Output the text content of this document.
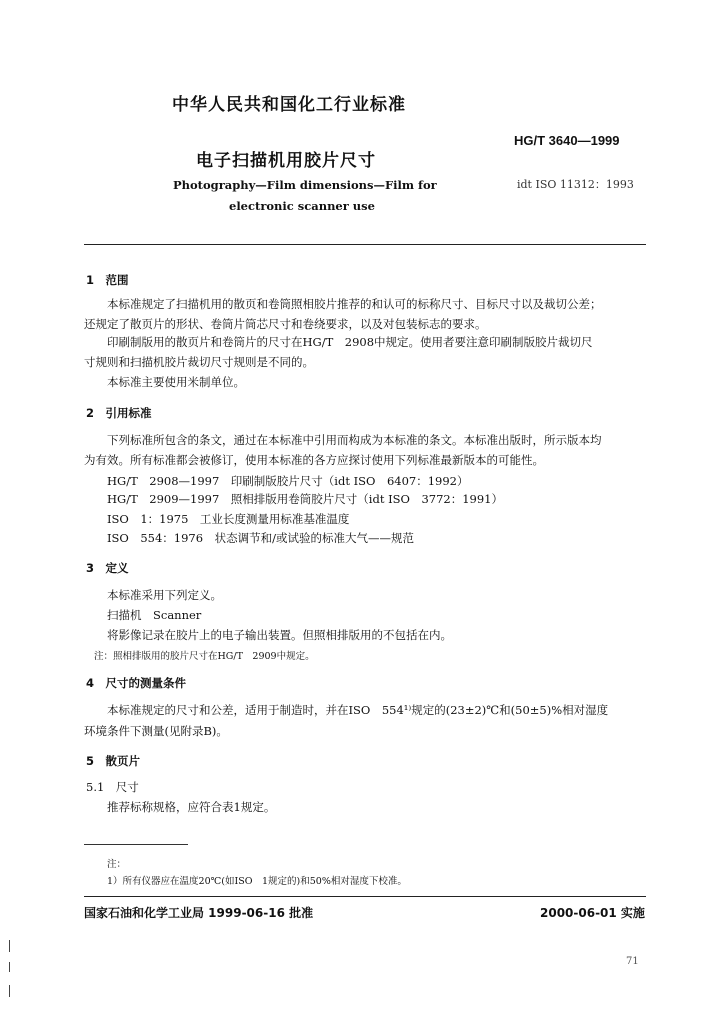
中华人民共和国化工行业标准
HG/T 3640—1999
电子扫描机用胶片尺寸
Photography—Film dimensions—Film for
electronic scanner use
idt ISO 11312：1993
1　范围
本标准规定了扫描机用的散页和卷筒照相胶片推荐的和认可的标称尺寸、目标尺寸以及裁切公差；
还规定了散页片的形状、卷筒片筒芯尺寸和卷绕要求，以及对包装标志的要求。
印刷制版用的散页片和卷筒片的尺寸在HG/T　2908中规定。使用者要注意印刷制版胶片裁切尺
寸规则和扫描机胶片裁切尺寸规则是不同的。
本标准主要使用米制单位。
2　引用标准
下列标准所包含的条文，通过在本标准中引用而构成为本标准的条文。本标准出版时，所示版本均
为有效。所有标准都会被修订，使用本标准的各方应探讨使用下列标准最新版本的可能性。
HG/T　2908—1997　印刷制版胶片尺寸（idt ISO　6407：1992）
HG/T　2909—1997　照相排版用卷筒胶片尺寸（idt ISO　3772：1991）
ISO　1：1975　工业长度测量用标准基准温度
ISO　554：1976　状态调节和/或试验的标准大气——规范
3　定义
本标准采用下列定义。
扫描机　Scanner
将影像记录在胶片上的电子输出装置。但照相排版用的不包括在内。
注：照相排版用的胶片尺寸在HG/T　2909中规定。
4　尺寸的测量条件
本标准规定的尺寸和公差，适用于制造时，并在ISO　554¹⁾规定的(23±2)℃和(50±5)%相对湿度
环境条件下测量(见附录B)。
5　散页片
5.1　尺寸
推荐标称规格，应符合表1规定。
注：
1）所有仪器应在温度20℃(如ISO　1规定的)和50%相对湿度下校准。
国家石油和化学工业局 1999-06-16 批准	2000-06-01 实施
71
